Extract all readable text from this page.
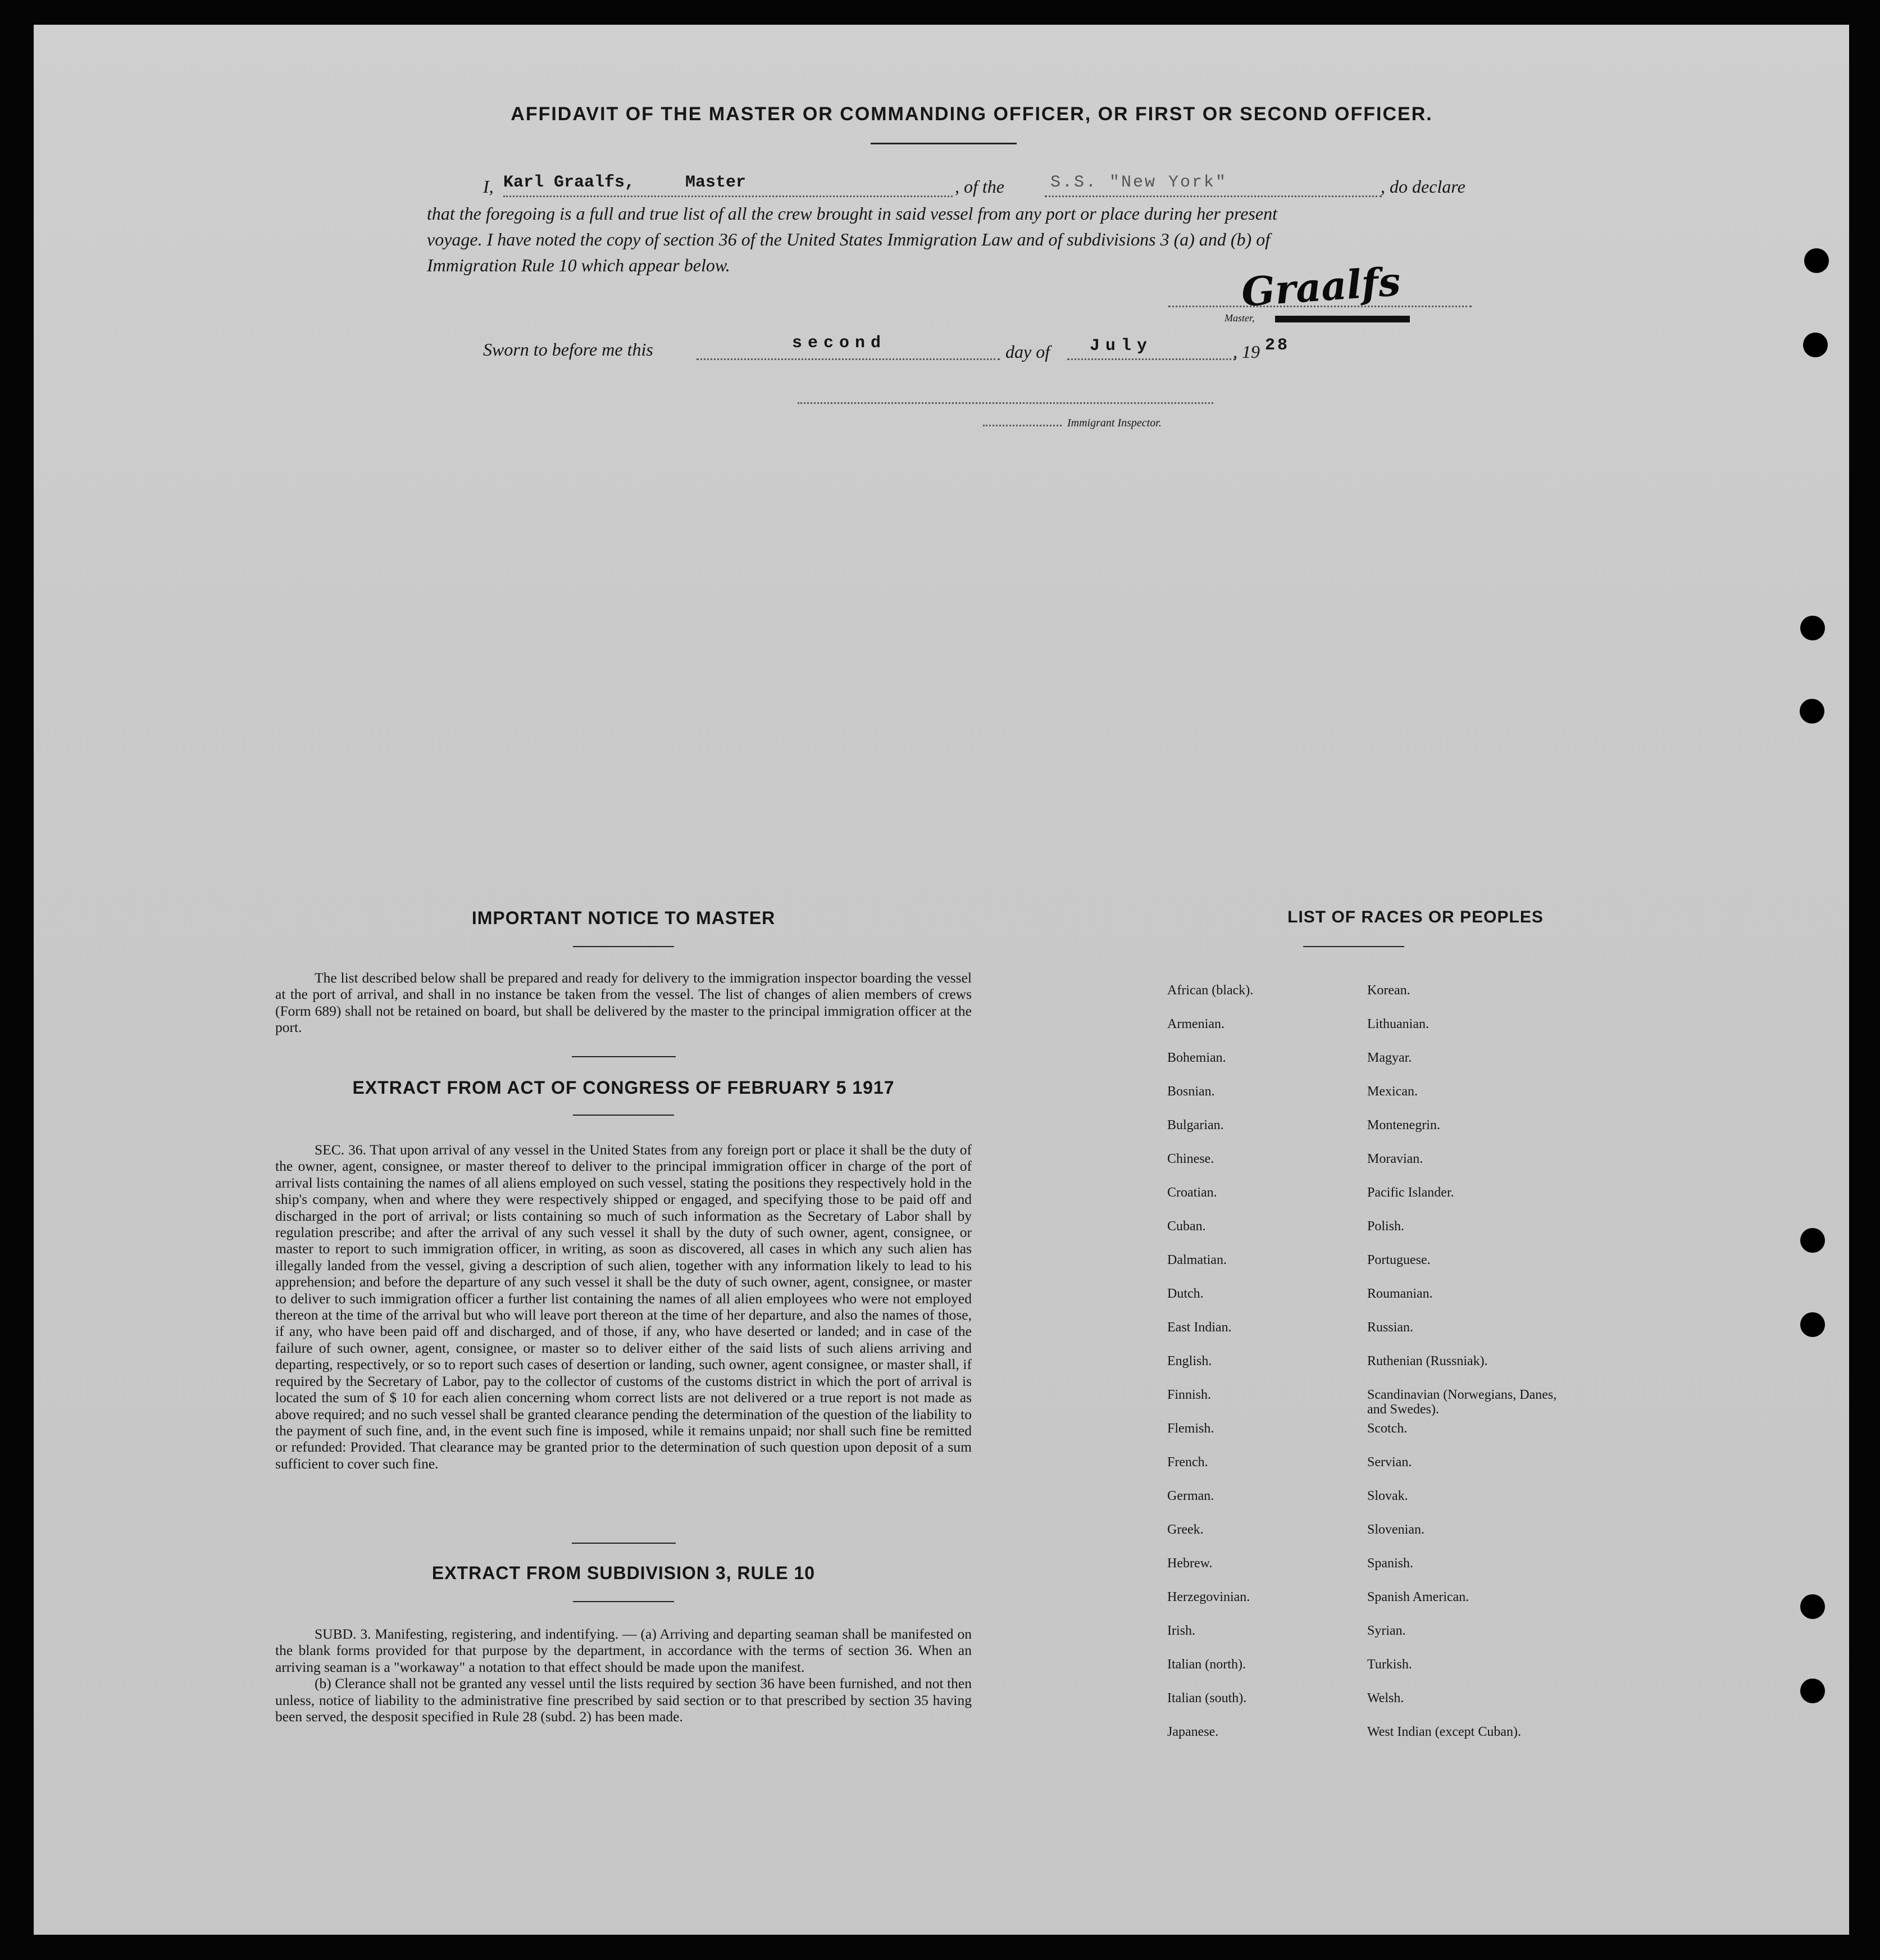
AFFIDAVIT OF THE MASTER OR COMMANDING OFFICER, OR FIRST OR SECOND OFFICER.
I, Karl Graalfs,	Master	, of the	S.S. "New York"	, do declare
that the foregoing is a full and true list of all the crew brought in said vessel from any port or place during her present
voyage. I have noted the copy of section 36 of the United States Immigration Law and of subdivisions 3 (a) and (b) of
Immigration Rule 10 which appear below.	Graalfs
Master,
Sworn to before me this	second	day of July	, 19 28
Immigrant Inspector.
IMPORTANT NOTICE TO MASTER

The list described below shall be prepared and ready for delivery to the immigration inspector boarding the vessel at the port of arrival, and shall in no instance be taken from the vessel. The list of changes of alien members of crews (Form 689) shall not be retained on board, but shall be delivered by the master to the principal immigration officer at the port.

EXTRACT FROM ACT OF CONGRESS OF FEBRUARY 5 1917

SEC. 36. That upon arrival of any vessel in the United States from any foreign port or place it shall be the duty of the owner, agent, consignee, or master thereof to deliver to the principal immigration officer in charge of the port of arrival lists containing the names of all aliens employed on such vessel, stating the positions they respectively hold in the ship's company, when and where they were respectively shipped or engaged, and specifying those to be paid off and discharged in the port of arrival; or lists containing so much of such information as the Secretary of Labor shall by regulation prescribe; and after the arrival of any such vessel it shall by the duty of such owner, agent, consignee, or master to report to such immigration officer, in writing, as soon as discovered, all cases in which any such alien has illegally landed from the vessel, giving a description of such alien, together with any information likely to lead to his apprehension; and before the departure of any such vessel it shall be the duty of such owner, agent, consignee, or master to deliver to such immigration officer a further list containing the names of all alien employees who were not employed thereon at the time of the arrival but who will leave port thereon at the time of her departure, and also the names of those, if any, who have been paid off and discharged, and of those, if any, who have deserted or landed; and in case of the failure of such owner, agent, consignee, or master so to deliver either of the said lists of such aliens arriving and departing, respectively, or so to report such cases of desertion or landing, such owner, agent consignee, or master shall, if required by the Secretary of Labor, pay to the collector of customs of the customs district in which the port of arrival is located the sum of $ 10 for each alien concerning whom correct lists are not delivered or a true report is not made as above required; and no such vessel shall be granted clearance pending the determination of the question of the liability to the payment of such fine, and, in the event such fine is imposed, while it remains unpaid; nor shall such fine be remitted or refunded: Provided. That clearance may be granted prior to the determination of such question upon deposit of a sum sufficient to cover such fine.

EXTRACT FROM SUBDIVISION 3, RULE 10

SUBD. 3. Manifesting, registering, and indentifying. — (a) Arriving and departing seaman shall be manifested on the blank forms provided for that purpose by the department, in accordance with the terms of section 36. When an arriving seaman is a "workaway" a notation to that effect should be made upon the manifest.

(b) Clerance shall not be granted any vessel until the lists required by section 36 have been furnished, and not then unless, notice of liability to the administrative fine prescribed by said section or to that prescribed by section 35 having been served, the desposit specified in Rule 28 (subd. 2) has been made.

LIST OF RACES OR PEOPLES
African (black).
Armenian.
Bohemian.
Bosnian.
Bulgarian.
Chinese.
Croatian.
Cuban.
Dalmatian.
Dutch.
East Indian.
English.
Finnish.
Flemish.
French.
German.
Greek.
Hebrew.
Herzegovinian.
Irish.
Italian (north).
Italian (south).
Japanese.
Korean.
Lithuanian.
Magyar.
Mexican.
Montenegrin.
Moravian.
Pacific Islander.
Polish.
Portuguese.
Roumanian.
Russian.
Ruthenian (Russniak).
Scandinavian (Norwegians, Danes, and Swedes).
Scotch.
Servian.
Slovak.
Slovenian.
Spanish.
Spanish American.
Syrian.
Turkish.
Welsh.
West Indian (except Cuban).
